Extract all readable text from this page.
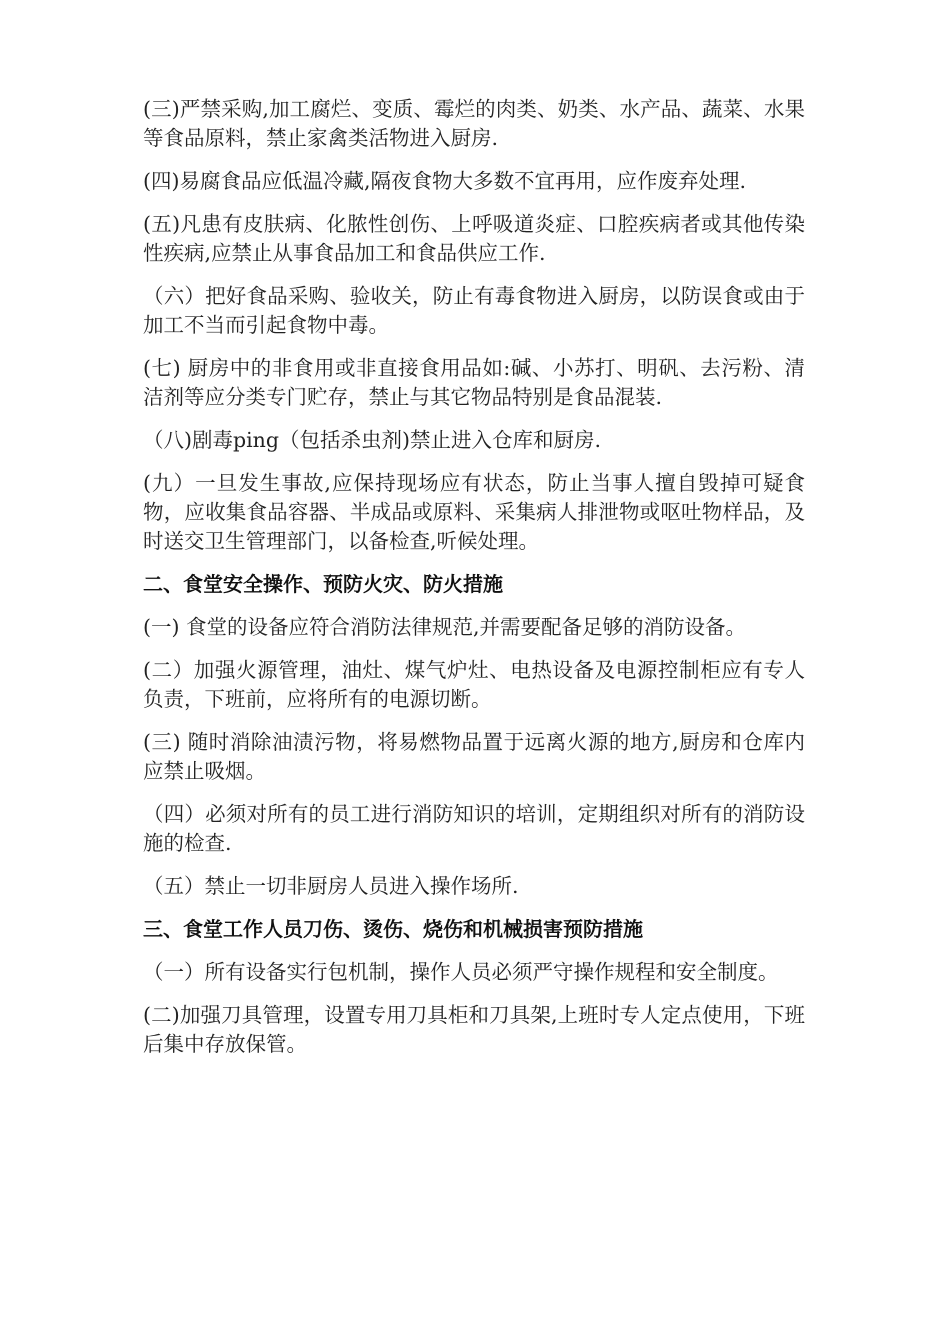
(三)严禁采购,加工腐烂、变质、霉烂的肉类、奶类、水产品、蔬菜、水果等食品原料，禁止家禽类活物进入厨房.

(四)易腐食品应低温冷藏,隔夜食物大多数不宜再用，应作废弃处理.

(五)凡患有皮肤病、化脓性创伤、上呼吸道炎症、口腔疾病者或其他传染性疾病,应禁止从事食品加工和食品供应工作.

（六）把好食品采购、验收关，防止有毒食物进入厨房，以防误食或由于加工不当而引起食物中毒。

(七) 厨房中的非食用或非直接食用品如:碱、小苏打、明矾、去污粉、清洁剂等应分类专门贮存，禁止与其它物品特别是食品混装.

（八)剧毒ping（包括杀虫剂)禁止进入仓库和厨房.

(九）一旦发生事故,应保持现场应有状态，防止当事人擅自毁掉可疑食物，应收集食品容器、半成品或原料、采集病人排泄物或呕吐物样品，及时送交卫生管理部门，以备检查,听候处理。

二、食堂安全操作、预防火灾、防火措施

(一) 食堂的设备应符合消防法律规范,并需要配备足够的消防设备。

(二）加强火源管理，油灶、煤气炉灶、电热设备及电源控制柜应有专人负责，下班前，应将所有的电源切断。

(三) 随时消除油渍污物，将易燃物品置于远离火源的地方,厨房和仓库内应禁止吸烟。

（四）必须对所有的员工进行消防知识的培训，定期组织对所有的消防设施的检查.

（五）禁止一切非厨房人员进入操作场所.

三、食堂工作人员刀伤、烫伤、烧伤和机械损害预防措施

（一）所有设备实行包机制，操作人员必须严守操作规程和安全制度。

(二)加强刀具管理，设置专用刀具柜和刀具架,上班时专人定点使用，下班后集中存放保管。
